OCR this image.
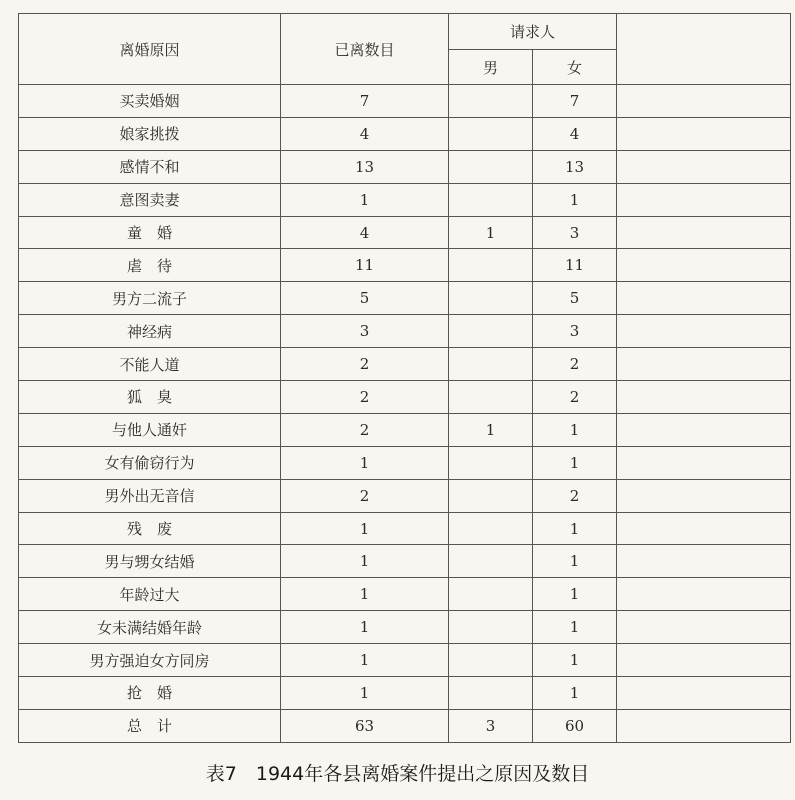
离婚原因	已离数目	请求人		
		男	女	
买卖婚姻	7		7	
娘家挑拨	4		4	
感情不和	13		13	
意图卖妻	1		1	
童　婚	4	1	3	
虐　待	11		11	
男方二流子	5		5	
神经病	3		3	
不能人道	2		2	
狐　臭	2		2	
与他人通奸	2	1	1	
女有偷窃行为	1		1	
男外出无音信	2		2	
残　废	1		1	
男与甥女结婚	1		1	
年龄过大	1		1	
女未满结婚年龄	1		1	
男方强迫女方同房	1		1	
抢　婚	1		1	
总　计	63	3	60	
表7　1944年各县离婚案件提出之原因及数目
